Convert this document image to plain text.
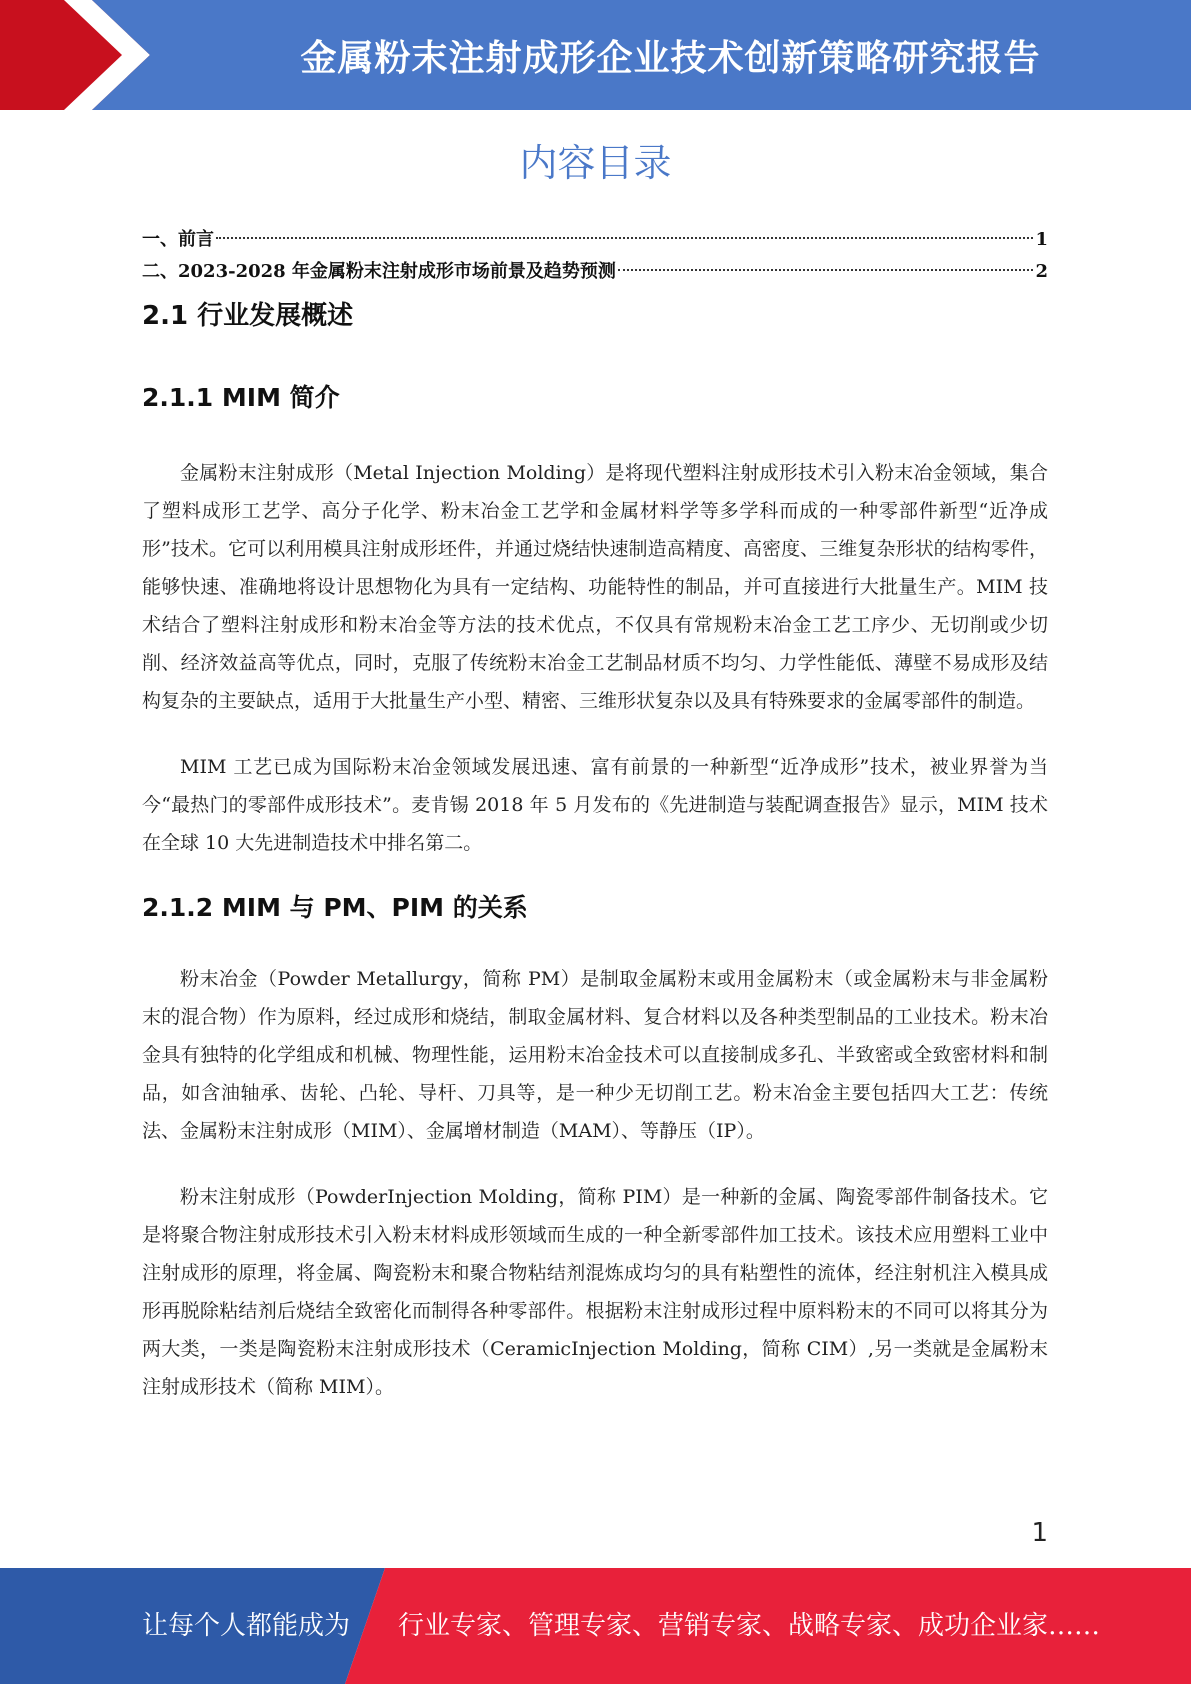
金属粉末注射成形企业技术创新策略研究报告
内容目录
一、前言	1
二、2023-2028 年金属粉末注射成形市场前景及趋势预测	2
2.1 行业发展概述
2.1.1 MIM 简介

金属粉末注射成形（Metal Injection Molding）是将现代塑料注射成形技术引入粉末冶金领域，集合了塑料成形工艺学、高分子化学、粉末冶金工艺学和金属材料学等多学科而成的一种零部件新型“近净成形”技术。它可以利用模具注射成形坯件，并通过烧结快速制造高精度、高密度、三维复杂形状的结构零件，能够快速、准确地将设计思想物化为具有一定结构、功能特性的制品，并可直接进行大批量生产。MIM 技术结合了塑料注射成形和粉末冶金等方法的技术优点，不仅具有常规粉末冶金工艺工序少、无切削或少切削、经济效益高等优点，同时，克服了传统粉末冶金工艺制品材质不均匀、力学性能低、薄壁不易成形及结构复杂的主要缺点，适用于大批量生产小型、精密、三维形状复杂以及具有特殊要求的金属零部件的制造。

MIM 工艺已成为国际粉末冶金领域发展迅速、富有前景的一种新型“近净成形”技术，被业界誉为当今“最热门的零部件成形技术”。麦肯锡 2018 年 5 月发布的《先进制造与装配调查报告》显示，MIM 技术在全球 10 大先进制造技术中排名第二。

2.1.2 MIM 与 PM、PIM 的关系

粉末冶金（Powder Metallurgy，简称 PM）是制取金属粉末或用金属粉末（或金属粉末与非金属粉末的混合物）作为原料，经过成形和烧结，制取金属材料、复合材料以及各种类型制品的工业技术。粉末冶金具有独特的化学组成和机械、物理性能，运用粉末冶金技术可以直接制成多孔、半致密或全致密材料和制品，如含油轴承、齿轮、凸轮、导杆、刀具等，是一种少无切削工艺。粉末冶金主要包括四大工艺：传统法、金属粉末注射成形（MIM）、金属增材制造（MAM）、等静压（IP）。

粉末注射成形（PowderInjection Molding，简称 PIM）是一种新的金属、陶瓷零部件制备技术。它是将聚合物注射成形技术引入粉末材料成形领域而生成的一种全新零部件加工技术。该技术应用塑料工业中注射成形的原理，将金属、陶瓷粉末和聚合物粘结剂混炼成均匀的具有粘塑性的流体，经注射机注入模具成形再脱除粘结剂后烧结全致密化而制得各种零部件。根据粉末注射成形过程中原料粉末的不同可以将其分为两大类，一类是陶瓷粉末注射成形技术（CeramicInjection Molding，简称 CIM）,另一类就是金属粉末注射成形技术（简称 MIM）。

1
让每个人都能成为 行业专家、管理专家、营销专家、战略专家、成功企业家……
